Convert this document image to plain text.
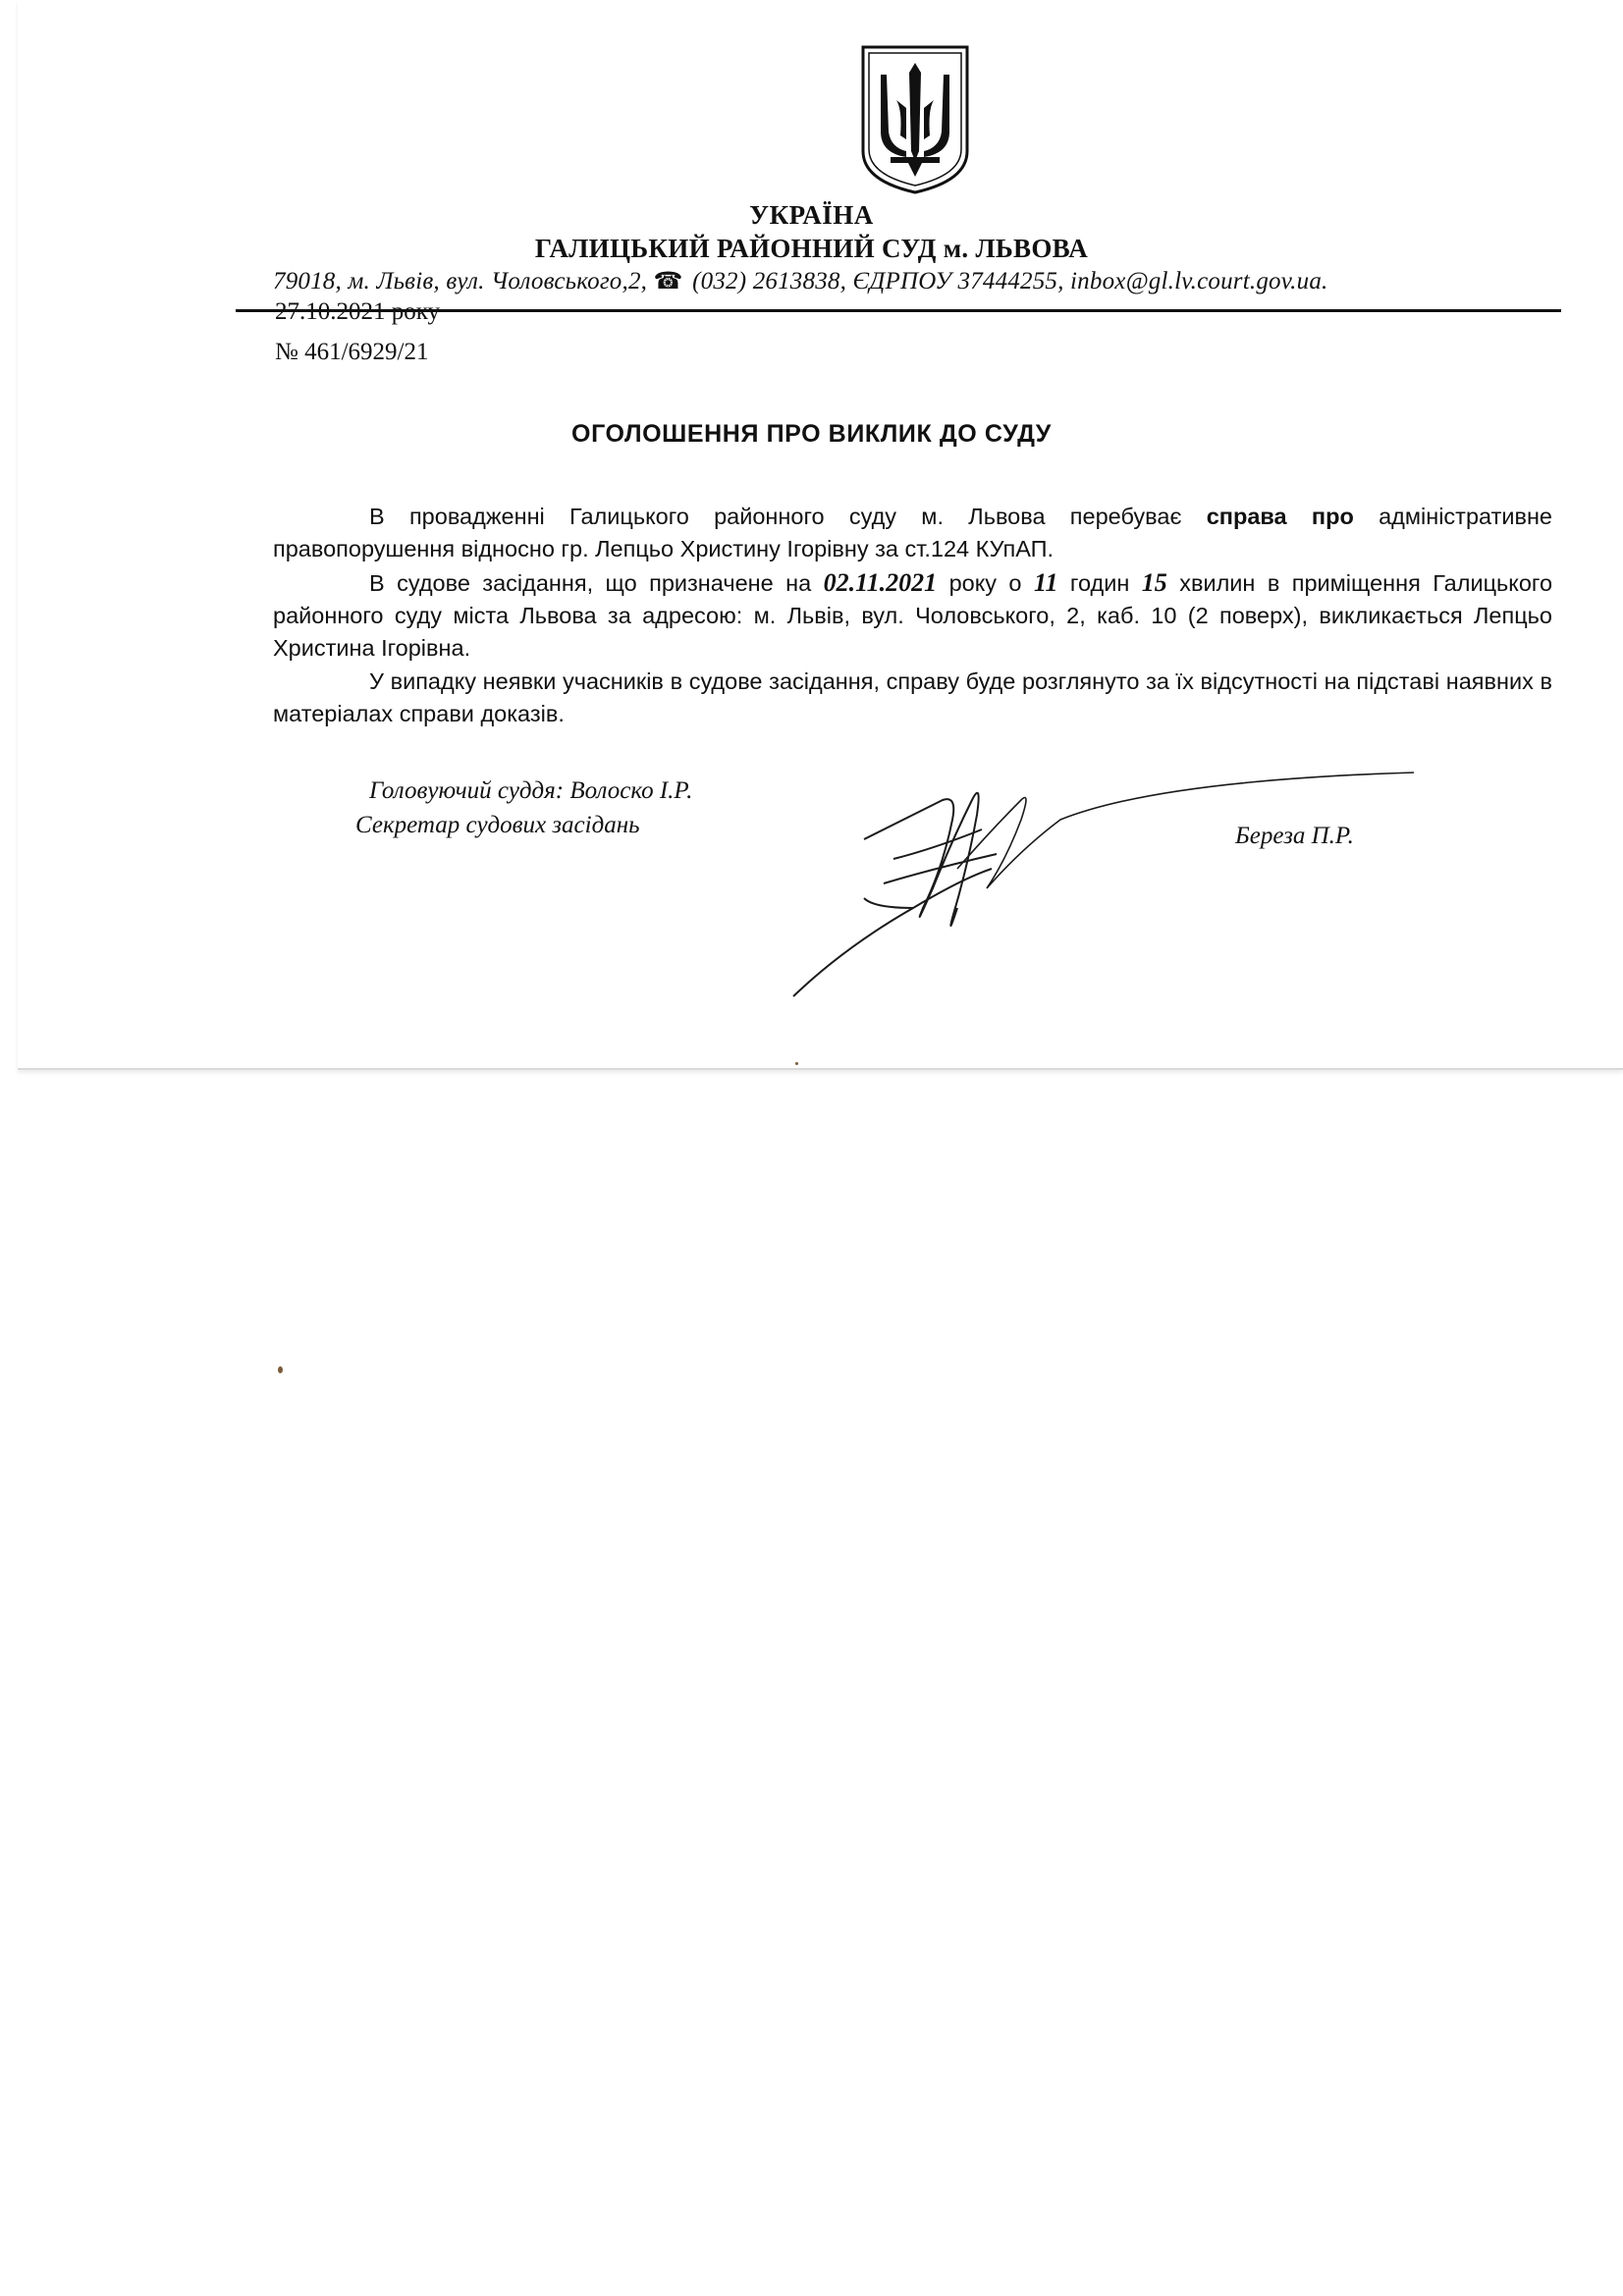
УКРАЇНА
ГАЛИЦЬКИЙ РАЙОННИЙ СУД м. ЛЬВОВА
79018, м. Львів, вул. Чоловського,2, ☎ (032) 2613838, ЄДРПОУ 37444255, inbox@gl.lv.court.gov.ua.
27.10.2021 року
№ 461/6929/21
ОГОЛОШЕННЯ ПРО ВИКЛИК ДО СУДУ

В провадженні Галицького районного суду м. Львова перебуває справа про адміністративне правопорушення відносно гр. Лепцьо Христину Ігорівну за ст.124 КУпАП.

В судове засідання, що призначене на 02.11.2021 року о 11 годин 15 хвилин в приміщення Галицького районного суду міста Львова за адресою: м. Львів, вул. Чоловського, 2, каб. 10 (2 поверх), викликається Лепцьо Христина Ігорівна.

У випадку неявки учасників в судове засідання, справу буде розглянуто за їх відсутності на підставі наявних в матеріалах справи доказів.

Головуючий суддя: Волоско І.Р.
Секретар судових засідань	Береза П.Р.
